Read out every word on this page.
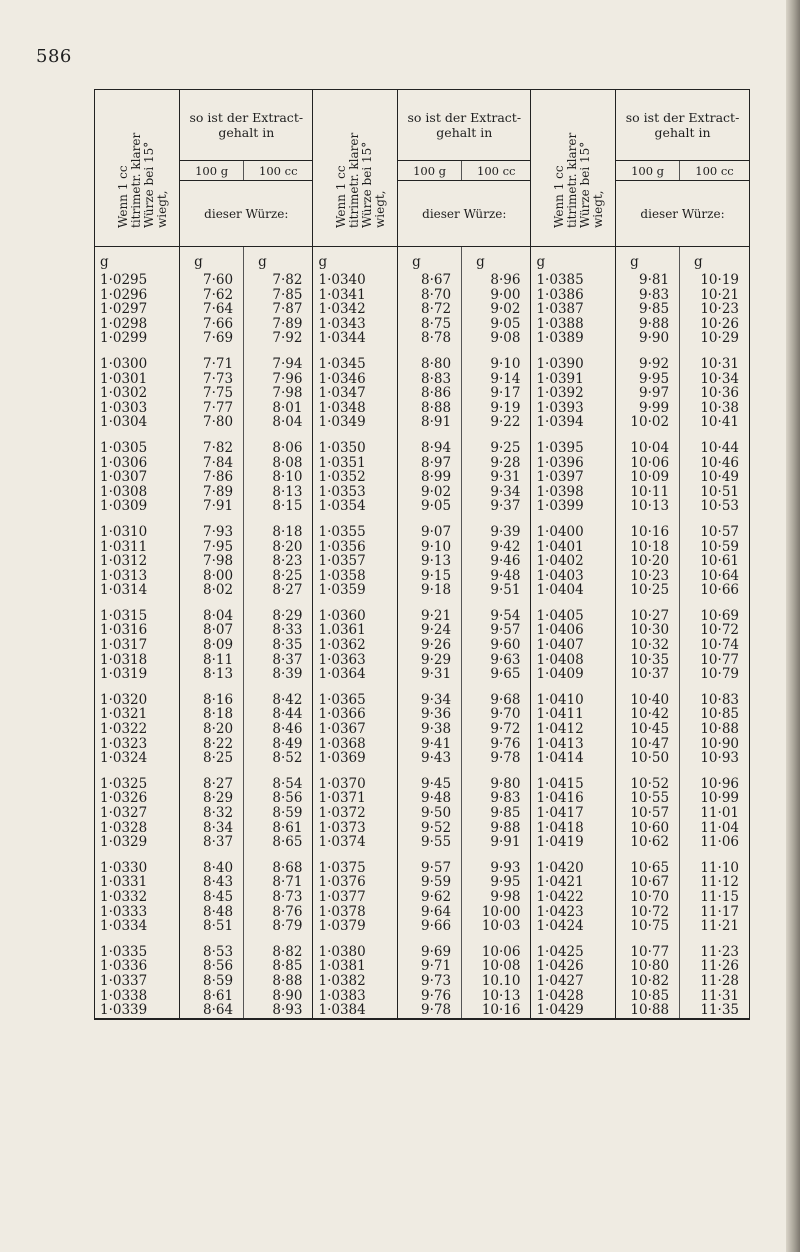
586
Wenn 1 cc titrimetr. klarer Würze bei 15° wiegt,	so ist der Extract-gehalt in		Wenn 1 cc titrimetr. klarer Würze bei 15° wiegt,	so ist der Extract-gehalt in		Wenn 1 cc titrimetr. klarer Würze bei 15° wiegt,	so ist der Extract-gehalt in	
	100 g	100 cc		100 g	100 cc		100 g	100 cc
	dieser Würze:			dieser Würze:			dieser Würze:	
g	g	g	g	g	g	g	g	g
1·0295	7·60	7·82	1·0340	8·67	8·96	1·0385	9·81	10·19
1·0296	7·62	7·85	1·0341	8·70	9·00	1·0386	9·83	10·21
1·0297	7·64	7·87	1·0342	8·72	9·02	1·0387	9·85	10·23
1·0298	7·66	7·89	1·0343	8·75	9·05	1·0388	9·88	10·26
1·0299	7·69	7·92	1·0344	8·78	9·08	1·0389	9·90	10·29

1·0300	7·71	7·94	1·0345	8·80	9·10	1·0390	9·92	10·31
1·0301	7·73	7·96	1·0346	8·83	9·14	1·0391	9·95	10·34
1·0302	7·75	7·98	1·0347	8·86	9·17	1·0392	9·97	10·36
1·0303	7·77	8·01	1·0348	8·88	9·19	1·0393	9·99	10·38
1·0304	7·80	8·04	1·0349	8·91	9·22	1·0394	10·02	10·41

1·0305	7·82	8·06	1·0350	8·94	9·25	1·0395	10·04	10·44
1·0306	7·84	8·08	1·0351	8·97	9·28	1·0396	10·06	10·46
1·0307	7·86	8·10	1·0352	8·99	9·31	1·0397	10·09	10·49
1·0308	7·89	8·13	1·0353	9·02	9·34	1·0398	10·11	10·51
1·0309	7·91	8·15	1·0354	9·05	9·37	1·0399	10·13	10·53

1·0310	7·93	8·18	1·0355	9·07	9·39	1·0400	10·16	10·57
1·0311	7·95	8·20	1·0356	9·10	9·42	1·0401	10·18	10·59
1·0312	7·98	8·23	1·0357	9·13	9·46	1·0402	10·20	10·61
1·0313	8·00	8·25	1·0358	9·15	9·48	1·0403	10·23	10·64
1·0314	8·02	8·27	1·0359	9·18	9·51	1·0404	10·25	10·66

1·0315	8·04	8·29	1·0360	9·21	9·54	1·0405	10·27	10·69
1·0316	8·07	8·33	1.0361	9·24	9·57	1·0406	10·30	10·72
1·0317	8·09	8·35	1·0362	9·26	9·60	1·0407	10·32	10·74
1·0318	8·11	8·37	1·0363	9·29	9·63	1·0408	10·35	10·77
1·0319	8·13	8·39	1·0364	9·31	9·65	1·0409	10·37	10·79

1·0320	8·16	8·42	1·0365	9·34	9·68	1·0410	10·40	10·83
1·0321	8·18	8·44	1·0366	9·36	9·70	1·0411	10·42	10·85
1·0322	8·20	8·46	1·0367	9·38	9·72	1·0412	10·45	10·88
1·0323	8·22	8·49	1·0368	9·41	9·76	1·0413	10·47	10·90
1·0324	8·25	8·52	1·0369	9·43	9·78	1·0414	10·50	10·93

1·0325	8·27	8·54	1·0370	9·45	9·80	1·0415	10·52	10·96
1·0326	8·29	8·56	1·0371	9·48	9·83	1·0416	10·55	10·99
1·0327	8·32	8·59	1·0372	9·50	9·85	1·0417	10·57	11·01
1·0328	8·34	8·61	1·0373	9·52	9·88	1·0418	10·60	11·04
1·0329	8·37	8·65	1·0374	9·55	9·91	1·0419	10·62	11·06

1·0330	8·40	8·68	1·0375	9·57	9·93	1·0420	10·65	11·10
1·0331	8·43	8·71	1·0376	9·59	9·95	1·0421	10·67	11·12
1·0332	8·45	8·73	1·0377	9·62	9·98	1·0422	10·70	11·15
1·0333	8·48	8·76	1·0378	9·64	10·00	1·0423	10·72	11·17
1·0334	8·51	8·79	1·0379	9·66	10·03	1·0424	10·75	11·21

1·0335	8·53	8·82	1·0380	9·69	10·06	1·0425	10·77	11·23
1·0336	8·56	8·85	1·0381	9·71	10·08	1·0426	10·80	11·26
1·0337	8·59	8·88	1·0382	9·73	10.10	1·0427	10·82	11·28
1·0338	8·61	8·90	1·0383	9·76	10·13	1·0428	10·85	11·31
1·0339	8·64	8·93	1·0384	9·78	10·16	1·0429	10·88	11·35
